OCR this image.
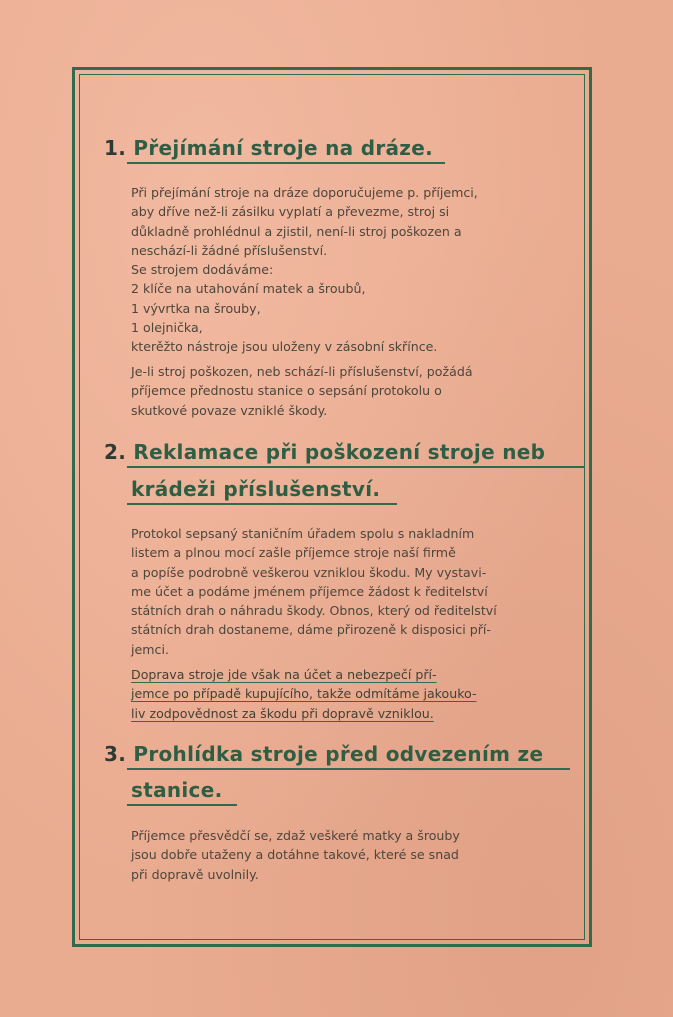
1. Přejímání stroje na dráze.
Při přejímání stroje na dráze doporučujeme p. příjemci,
aby dříve než-li zásilku vyplatí a převezme, stroj si
důkladně prohlédnul a zjistil, není-li stroj poškozen a
neschází-li žádné příslušenství.
Se strojem dodáváme:
2 klíče na utahování matek a šroubů,
1 vývrtka na šrouby,
1 olejnička,
kterěžto nástroje jsou uloženy v zásobní skřínce.
Je-li stroj poškozen, neb schází-li příslušenství, požádá
příjemce přednostu stanice o sepsání protokolu o
skutkové povaze vzniklé škody.
2. Reklamace při poškození stroje neb
krádeži příslušenství.
Protokol sepsaný staničním úřadem spolu s nakladním
listem a plnou mocí zašle příjemce stroje naší firmě
a popíše podrobně veškerou vzniklou škodu. My vystavi-
me účet a podáme jménem příjemce žádost k ředitelství
státních drah o náhradu škody. Obnos, který od ředitelství
státních drah dostaneme, dáme přirozeně k disposici pří-
jemci.
Doprava stroje jde však na účet a nebezpečí pří-
jemce po případě kupujícího, takže odmítáme jakouko-
liv zodpovědnost za škodu při dopravě vzniklou.
3. Prohlídka stroje před odvezením ze
stanice.
Příjemce přesvědčí se, zdaž veškeré matky a šrouby
jsou dobře utaženy a dotáhne takové, které se snad
při dopravě uvolnily.
